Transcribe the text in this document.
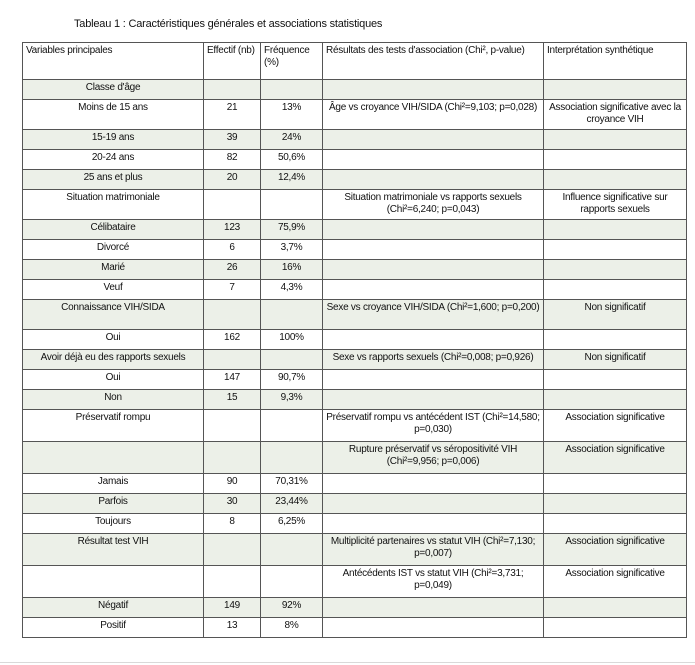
Tableau 1 : Caractéristiques générales et associations statistiques
Variables principales	Effectif (nb)	Fréquence (%)	Résultats des tests d'association (Chi², p-value)	Interprétation synthétique
Classe d'âge				
Moins de 15 ans	21	13%	Âge vs croyance VIH/SIDA (Chi²=9,103; p=0,028)	Association significative avec la croyance VIH
15-19 ans	39	24%		
20-24 ans	82	50,6%		
25 ans et plus	20	12,4%		
Situation matrimoniale			Situation matrimoniale vs rapports sexuels (Chi²=6,240; p=0,043)	Influence significative sur rapports sexuels
Célibataire	123	75,9%		
Divorcé	6	3,7%		
Marié	26	16%		
Veuf	7	4,3%		
Connaissance VIH/SIDA			Sexe vs croyance VIH/SIDA (Chi²=1,600; p=0,200)	Non significatif
Oui	162	100%		
Avoir déjà eu des rapports sexuels			Sexe vs rapports sexuels (Chi²=0,008; p=0,926)	Non significatif
Oui	147	90,7%		
Non	15	9,3%		
Préservatif rompu			Préservatif rompu vs antécédent IST (Chi²=14,580; p=0,030)	Association significative
			Rupture préservatif vs séropositivité VIH (Chi²=9,956; p=0,006)	Association significative
Jamais	90	70,31%		
Parfois	30	23,44%		
Toujours	8	6,25%		
Résultat test VIH			Multiplicité partenaires vs statut VIH (Chi²=7,130; p=0,007)	Association significative
			Antécédents IST vs statut VIH (Chi²=3,731; p=0,049)	Association significative
Négatif	149	92%		
Positif	13	8%		
